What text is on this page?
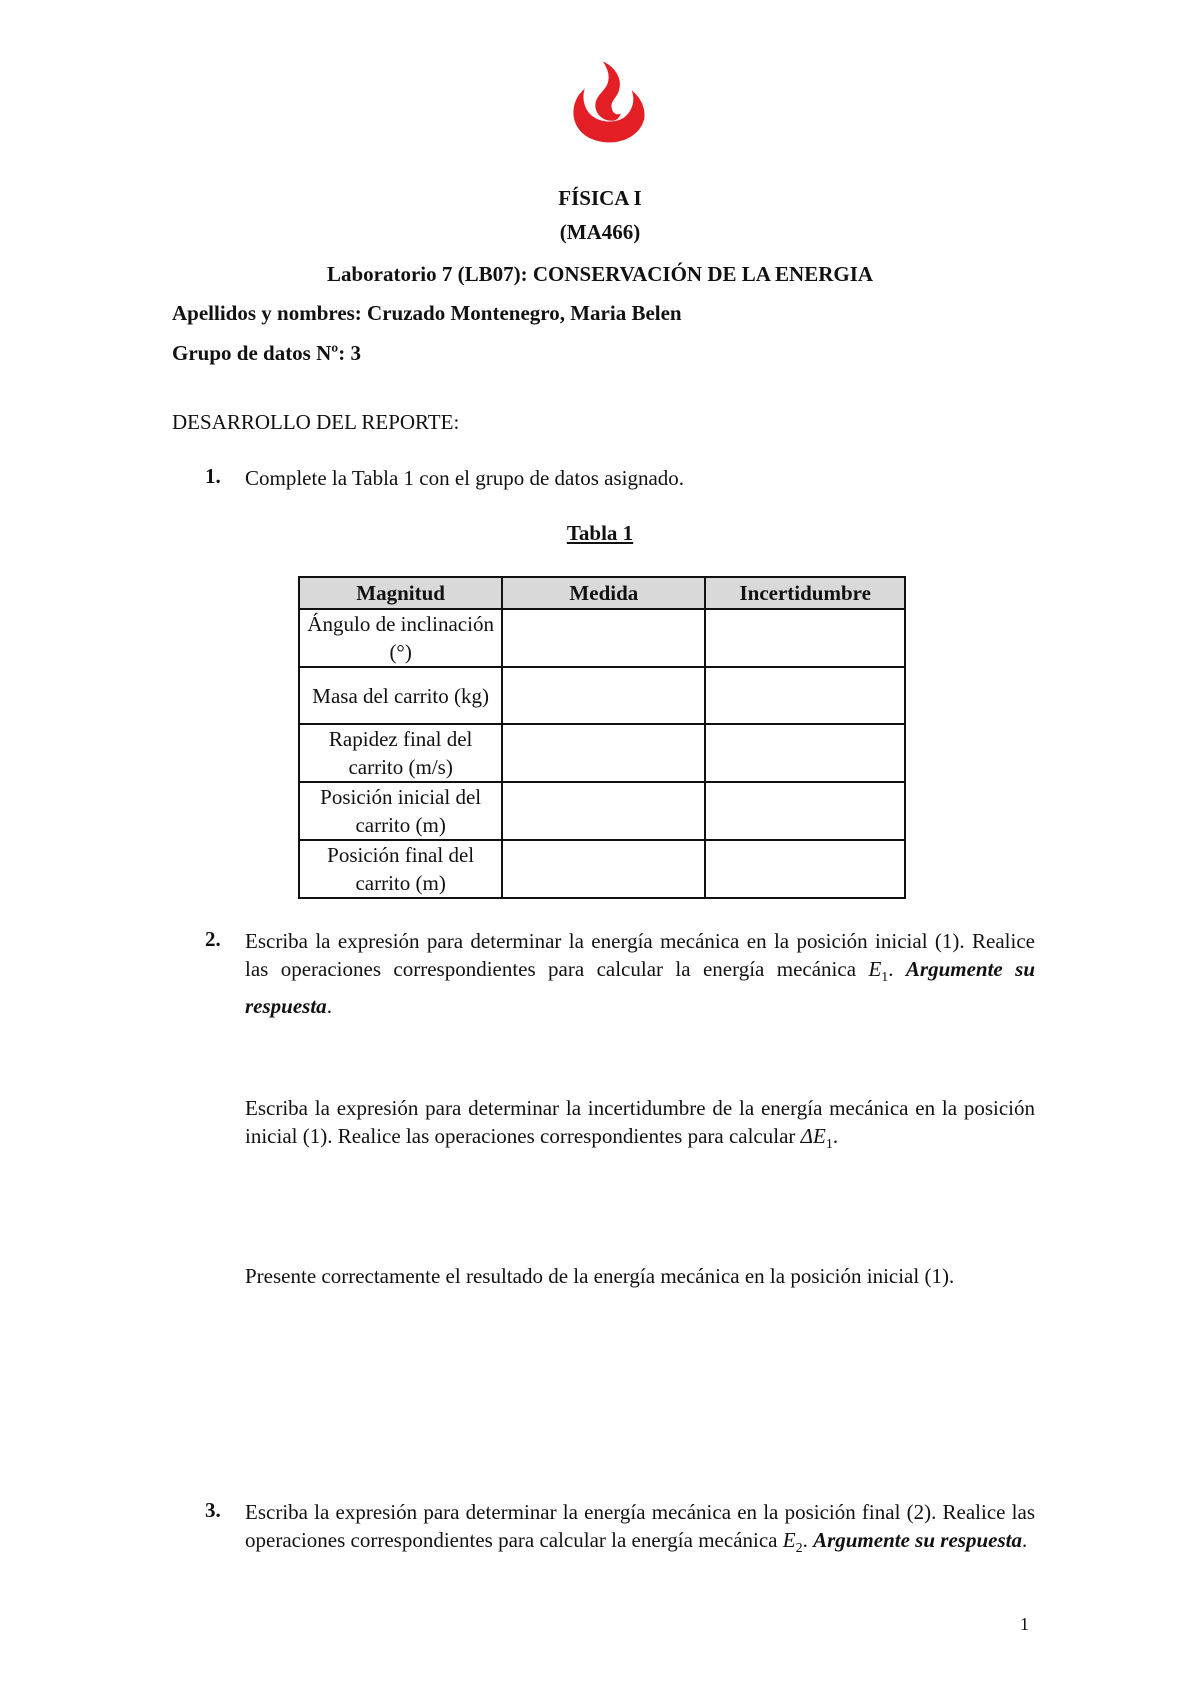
FÍSICA I
(MA466)
Laboratorio 7 (LB07): CONSERVACIÓN DE LA ENERGIA
Apellidos y nombres: Cruzado Montenegro, Maria Belen
Grupo de datos Nº: 3
DESARROLLO DEL REPORTE:
1. Complete la Tabla 1 con el grupo de datos asignado.
Tabla 1
Magnitud	Medida	Incertidumbre
Ángulo de inclinación (°)		
Masa del carrito (kg)		
Rapidez final del carrito (m/s)		
Posición inicial del carrito (m)		
Posición final del carrito (m)		
2. Escriba la expresión para determinar la energía mecánica en la posición inicial (1). Realice las operaciones correspondientes para calcular la energía mecánica $E_1$. Argumente su respuesta.
Escriba la expresión para determinar la incertidumbre de la energía mecánica en la posición inicial (1). Realice las operaciones correspondientes para calcular $\Delta E_1$.
Presente correctamente el resultado de la energía mecánica en la posición inicial (1).
3. Escriba la expresión para determinar la energía mecánica en la posición final (2). Realice las operaciones correspondientes para calcular la energía mecánica $E_2$. Argumente su respuesta.
1
